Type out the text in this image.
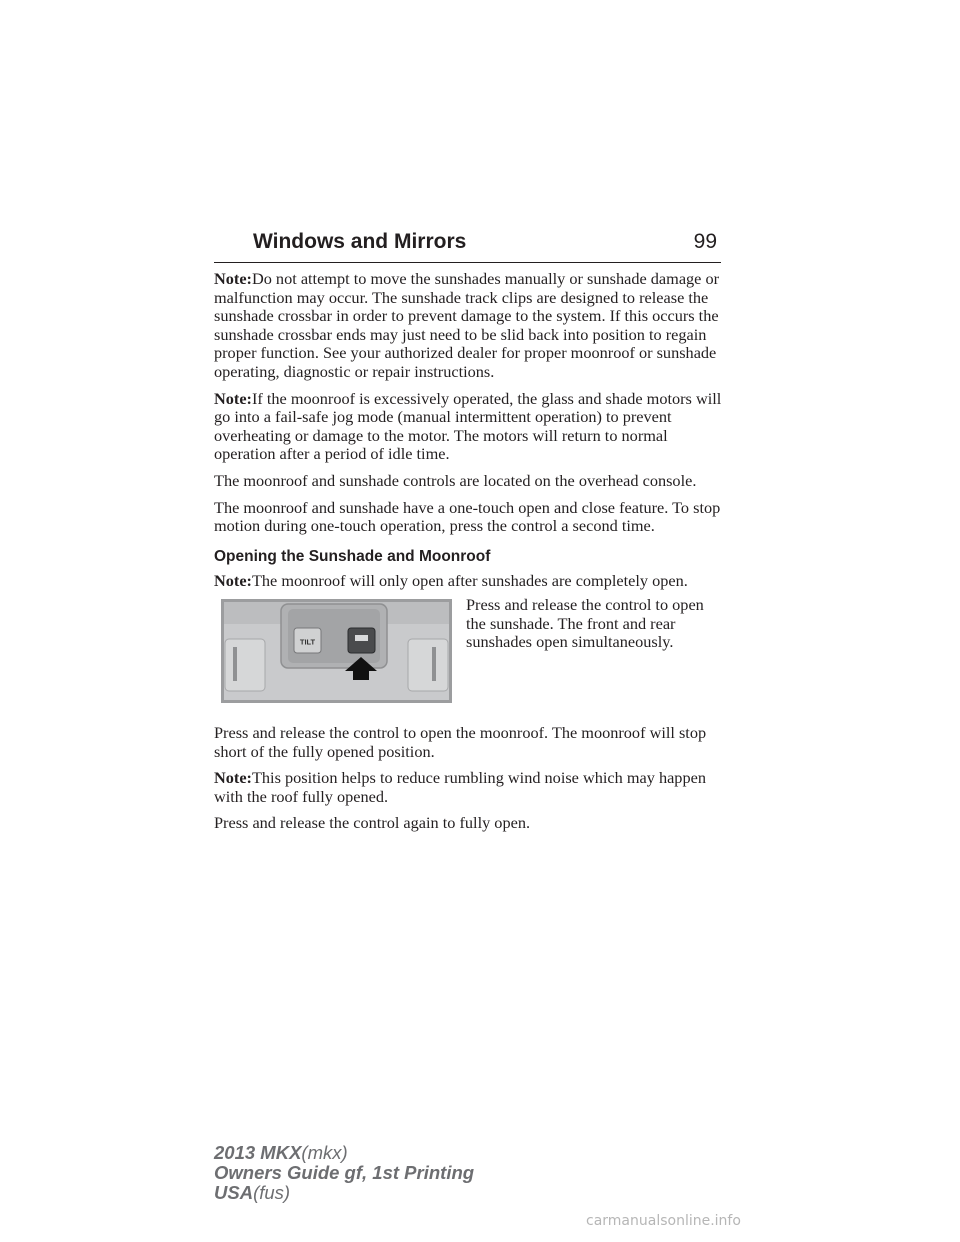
Windows and Mirrors	99

Note:Do not attempt to move the sunshades manually or sunshade damage or malfunction may occur. The sunshade track clips are designed to release the sunshade crossbar in order to prevent damage to the system. If this occurs the sunshade crossbar ends may just need to be slid back into position to regain proper function. See your authorized dealer for proper moonroof or sunshade operating, diagnostic or repair instructions.

Note:If the moonroof is excessively operated, the glass and shade motors will go into a fail-safe jog mode (manual intermittent operation) to prevent overheating or damage to the motor. The motors will return to normal operation after a period of idle time.

The moonroof and sunshade controls are located on the overhead console.

The moonroof and sunshade have a one-touch open and close feature. To stop motion during one-touch operation, press the control a second time.

Opening the Sunshade and Moonroof

Note:The moonroof will only open after sunshades are completely open.

TILT
Press and release the control to open the sunshade. The front and rear sunshades open simultaneously.

Press and release the control to open the moonroof. The moonroof will stop short of the fully opened position.

Note:This position helps to reduce rumbling wind noise which may happen with the roof fully opened.

Press and release the control again to fully open.

2013 MKX(mkx)
Owners Guide gf, 1st Printing
USA(fus)
carmanualsonline.info
